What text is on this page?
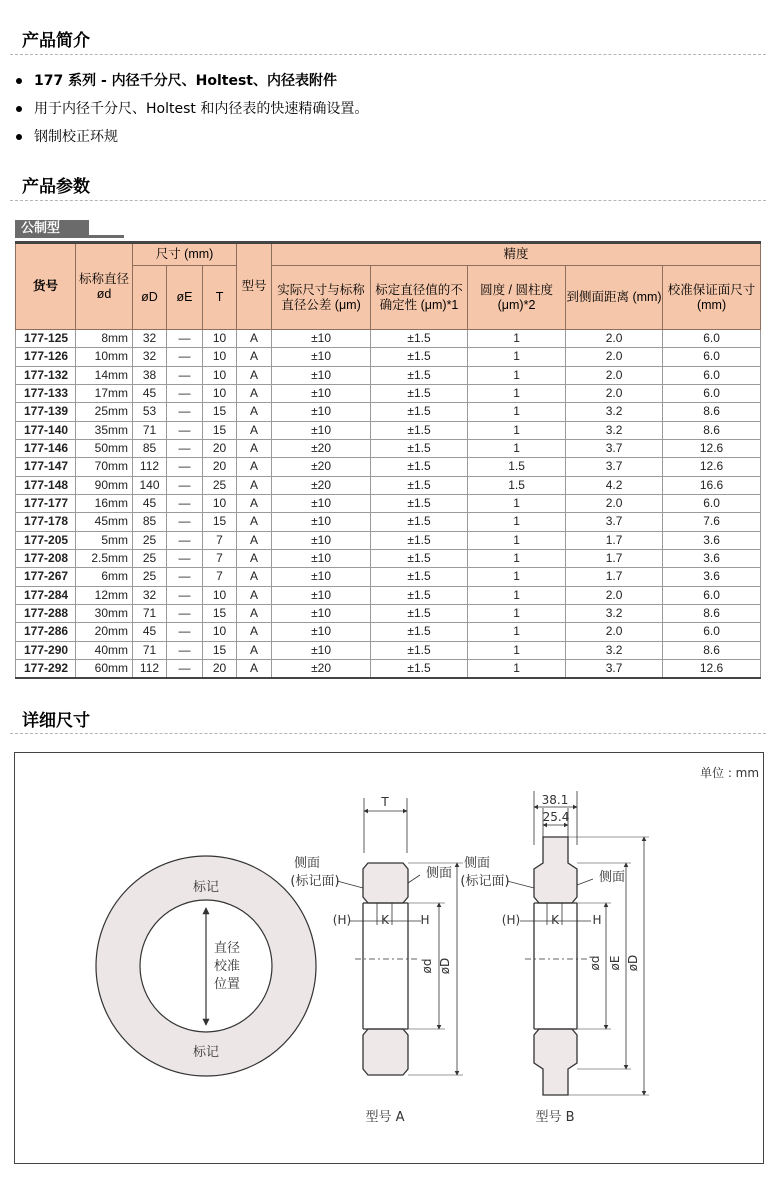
产品简介
177 系列 - 内径千分尺、Holtest、内径表附件
用于内径千分尺、Holtest 和内径表的快速精确设置。
钢制校正环规
产品参数
公制型
货号	标称直径 ød	尺寸 (mm)			型号	精度				
		øD	øE	T		实际尺寸与标称直径公差 (μm)	标定直径值的不确定性 (μm)*1	圆度 / 圆柱度 (μm)*2	到侧面距离 (mm)	校准保证面尺寸 (mm)
177-125	8mm	32	—	10	A	±10	±1.5	1	2.0	6.0
177-126	10mm	32	—	10	A	±10	±1.5	1	2.0	6.0
177-132	14mm	38	—	10	A	±10	±1.5	1	2.0	6.0
177-133	17mm	45	—	10	A	±10	±1.5	1	2.0	6.0
177-139	25mm	53	—	15	A	±10	±1.5	1	3.2	8.6
177-140	35mm	71	—	15	A	±10	±1.5	1	3.2	8.6
177-146	50mm	85	—	20	A	±20	±1.5	1	3.7	12.6
177-147	70mm	112	—	20	A	±20	±1.5	1.5	3.7	12.6
177-148	90mm	140	—	25	A	±20	±1.5	1.5	4.2	16.6
177-177	16mm	45	—	10	A	±10	±1.5	1	2.0	6.0
177-178	45mm	85	—	15	A	±10	±1.5	1	3.7	7.6
177-205	5mm	25	—	7	A	±10	±1.5	1	1.7	3.6
177-208	2.5mm	25	—	7	A	±10	±1.5	1	1.7	3.6
177-267	6mm	25	—	7	A	±10	±1.5	1	1.7	3.6
177-284	12mm	32	—	10	A	±10	±1.5	1	2.0	6.0
177-288	30mm	71	—	15	A	±10	±1.5	1	3.2	8.6
177-286	20mm	45	—	10	A	±10	±1.5	1	2.0	6.0
177-290	40mm	71	—	15	A	±10	±1.5	1	3.2	8.6
177-292	60mm	112	—	20	A	±20	±1.5	1	3.7	12.6
详细尺寸
单位 : mm
标记
标记
直径
校准
位置
T
(H) K	H
侧面
(标记面)
侧面
ød øD
型号 A
38.1
25.4
(H)	K	H
侧面
(标记面)	侧面
ød øE øD
型号 B
